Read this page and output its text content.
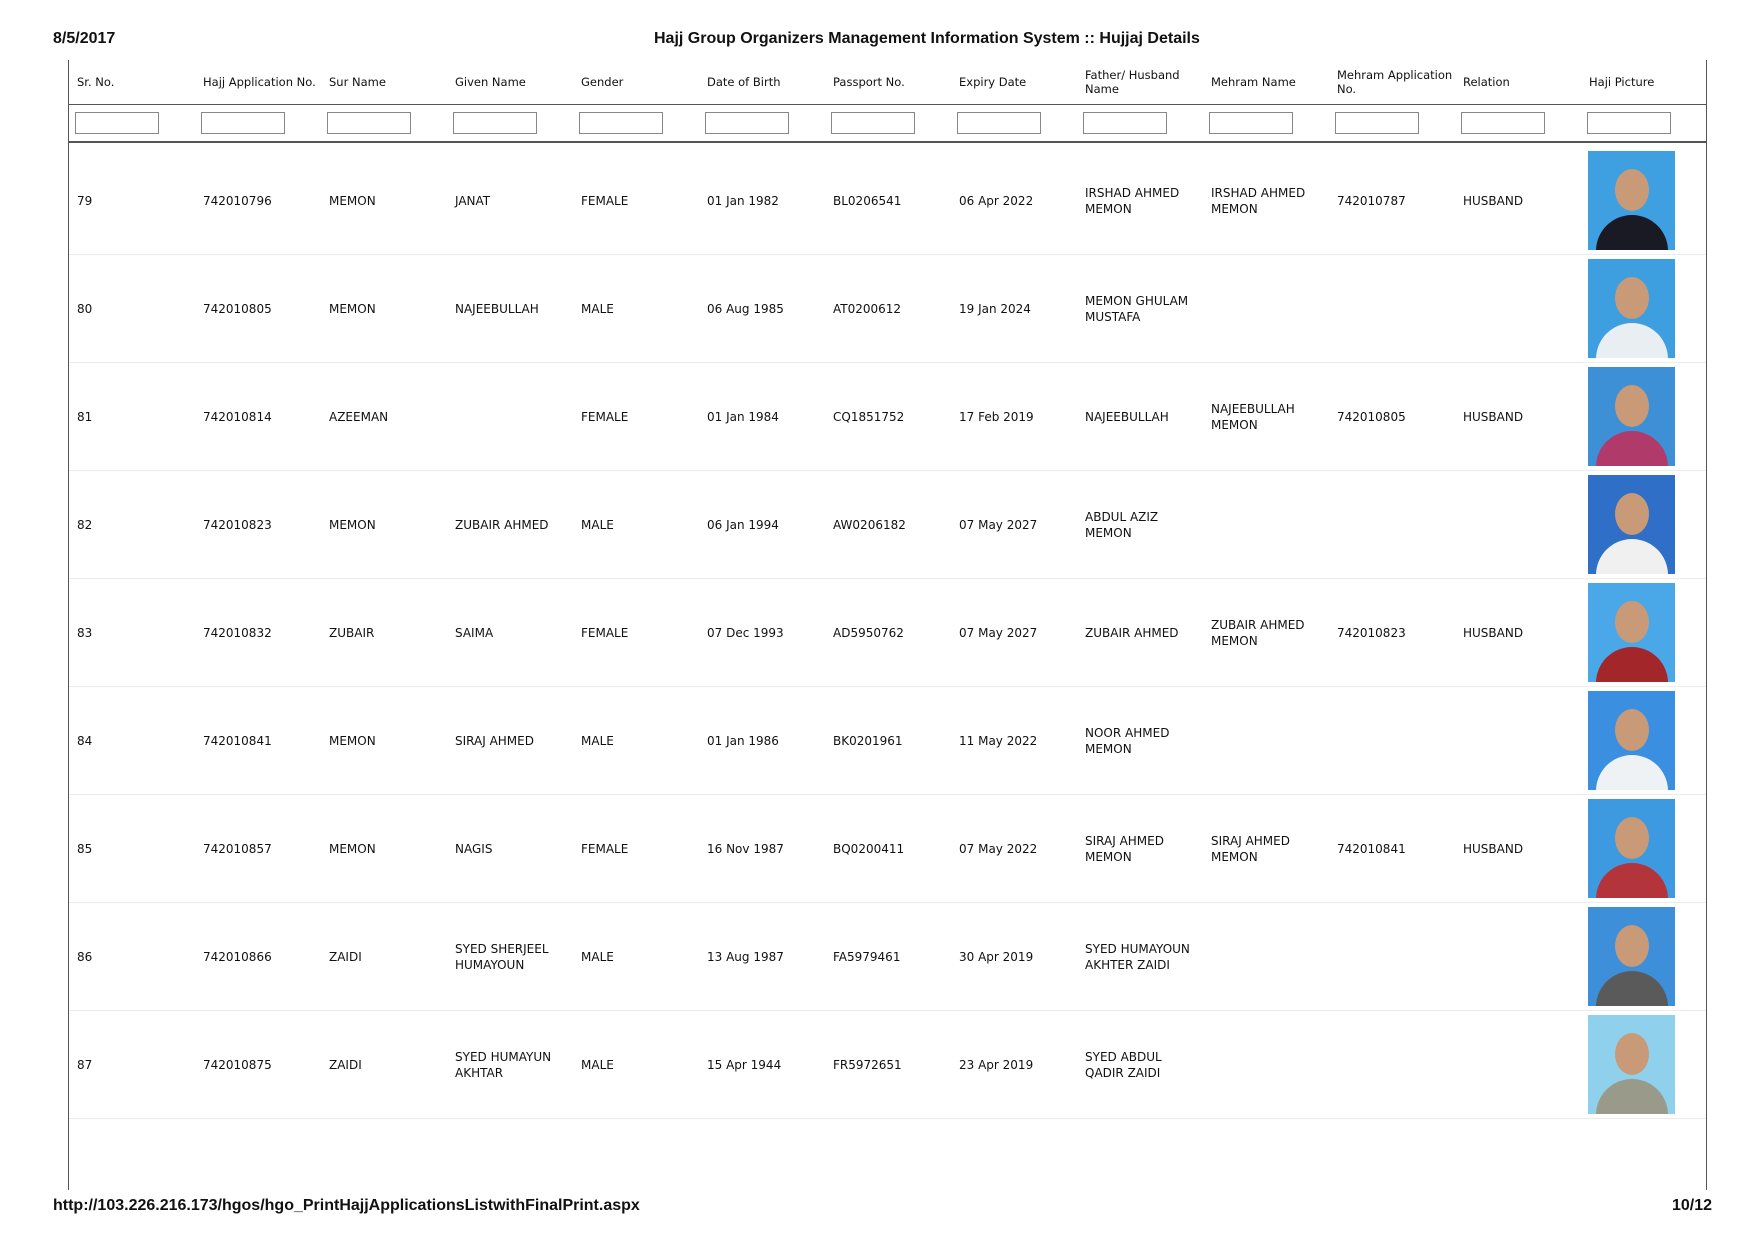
8/5/2017	Hajj Group Organizers Management Information System :: Hujjaj Details
Sr. No.	Hajj Application No.	Sur Name	Given Name	Gender	Date of Birth	Passport No.	Expiry Date	Father/ Husband Name	Mehram Name	Mehram Application No.	Relation	Haji Picture

79	742010796	MEMON	JANAT	FEMALE	01 Jan 1982	BL0206541	06 Apr 2022	IRSHAD AHMED MEMON	IRSHAD AHMED MEMON	742010787	HUSBAND	

80	742010805	MEMON	NAJEEBULLAH	MALE	06 Aug 1985	AT0200612	19 Jan 2024	MEMON GHULAM MUSTAFA				

81	742010814	AZEEMAN		FEMALE	01 Jan 1984	CQ1851752	17 Feb 2019	NAJEEBULLAH	NAJEEBULLAH MEMON	742010805	HUSBAND	

82	742010823	MEMON	ZUBAIR AHMED	MALE	06 Jan 1994	AW0206182	07 May 2027	ABDUL AZIZ MEMON				

83	742010832	ZUBAIR	SAIMA	FEMALE	07 Dec 1993	AD5950762	07 May 2027	ZUBAIR AHMED	ZUBAIR AHMED MEMON	742010823	HUSBAND	

84	742010841	MEMON	SIRAJ AHMED	MALE	01 Jan 1986	BK0201961	11 May 2022	NOOR AHMED MEMON				

85	742010857	MEMON	NAGIS	FEMALE	16 Nov 1987	BQ0200411	07 May 2022	SIRAJ AHMED MEMON	SIRAJ AHMED MEMON	742010841	HUSBAND	

86	742010866	ZAIDI	SYED SHERJEEL HUMAYOUN	MALE	13 Aug 1987	FA5979461	30 Apr 2019	SYED HUMAYOUN AKHTER ZAIDI				

87	742010875	ZAIDI	SYED HUMAYUN AKHTAR	MALE	15 Apr 1944	FR5972651	23 Apr 2019	SYED ABDUL QADIR ZAIDI				
http://103.226.216.173/hgos/hgo_PrintHajjApplicationsListwithFinalPrint.aspx	10/12
